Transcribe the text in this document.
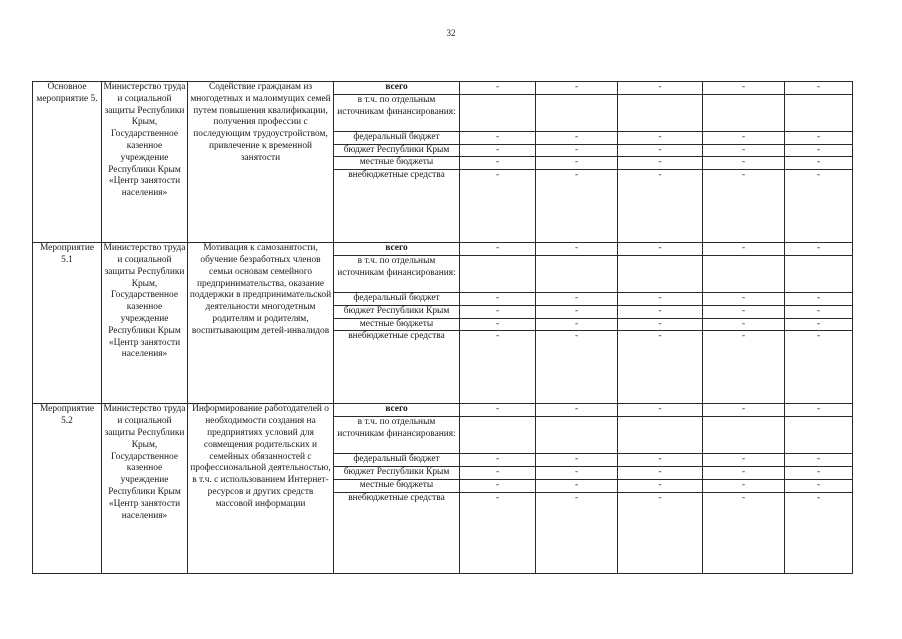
32
Основное мероприятие 5.	Министерство труда и социальной защиты Республики Крым, Государственное казенное учреждение Республики Крым «Центр занятости населения»	Содействие гражданам из многодетных и малоимущих семей путем повышения квалификации, получения профессии с последующим трудоустройством, привлечение к временной занятости	всего	-	-	-	-	-
			в т.ч. по отдельным источникам финансирования:					
			федеральный бюджет	-	-	-	-	-
			бюджет Республики Крым	-	-	-	-	-
			местные бюджеты	-	-	-	-	-
			внебюджетные средства	-	-	-	-	-
Мероприятие 5.1	Министерство труда и социальной защиты Республики Крым, Государственное казенное учреждение Республики Крым «Центр занятости населения»	Мотивация к самозанятости, обучение безработных членов семьи основам семейного предпринимательства, оказание поддержки в предпринимательской деятельности многодетным родителям и родителям, воспитывающим детей-инвалидов	всего	-	-	-	-	-
			в т.ч. по отдельным источникам финансирования:					
			федеральный бюджет	-	-	-	-	-
			бюджет Республики Крым	-	-	-	-	-
			местные бюджеты	-	-	-	-	-
			внебюджетные средства	-	-	-	-	-
Мероприятие 5.2	Министерство труда и социальной защиты Республики Крым, Государственное казенное учреждение Республики Крым «Центр занятости населения»	Информирование работодателей о необходимости создания на предприятиях условий для совмещения родительских и семейных обязанностей с профессиональной деятельностью, в т.ч. с использованием Интернет-ресурсов и других средств массовой информации	всего	-	-	-	-	-
			в т.ч. по отдельным источникам финансирования:					
			федеральный бюджет	-	-	-	-	-
			бюджет Республики Крым	-	-	-	-	-
			местные бюджеты	-	-	-	-	-
			внебюджетные средства	-	-	-	-	-
